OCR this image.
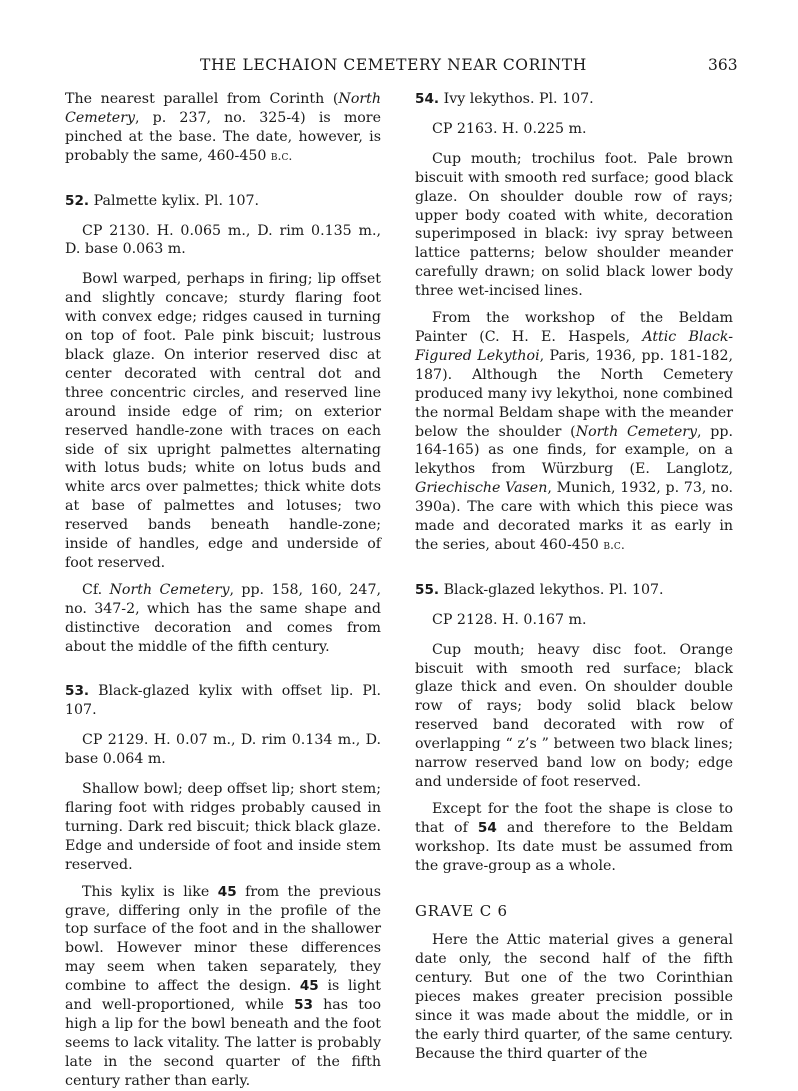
THE LECHAION CEMETERY NEAR CORINTH	363

The nearest parallel from Corinth (North Cemetery, p. 237, no. 325-4) is more pinched at the base. The date, however, is probably the same, 460-450 b.c.

52. Palmette kylix. Pl. 107.

CP 2130. H. 0.065 m., D. rim 0.135 m., D. base 0.063 m.

Bowl warped, perhaps in firing; lip offset and slightly concave; sturdy flaring foot with convex edge; ridges caused in turning on top of foot. Pale pink biscuit; lustrous black glaze. On interior reserved disc at center decorated with central dot and three concentric circles, and reserved line around inside edge of rim; on exterior reserved handle-zone with traces on each side of six upright palmettes alternating with lotus buds; white on lotus buds and white arcs over palmettes; thick white dots at base of palmettes and lotuses; two reserved bands beneath handle-zone; inside of handles, edge and underside of foot reserved.

Cf. North Cemetery, pp. 158, 160, 247, no. 347-2, which has the same shape and distinctive decoration and comes from about the middle of the fifth century.

53. Black-glazed kylix with offset lip. Pl. 107.

CP 2129. H. 0.07 m., D. rim 0.134 m., D. base 0.064 m.

Shallow bowl; deep offset lip; short stem; flaring foot with ridges probably caused in turning. Dark red biscuit; thick black glaze. Edge and underside of foot and inside stem reserved.

This kylix is like 45 from the previous grave, differing only in the profile of the top surface of the foot and in the shallower bowl. However minor these differences may seem when taken separately, they combine to affect the design. 45 is light and well-proportioned, while 53 has too high a lip for the bowl beneath and the foot seems to lack vitality. The latter is probably late in the second quarter of the fifth century rather than early.

54. Ivy lekythos. Pl. 107.

CP 2163. H. 0.225 m.

Cup mouth; trochilus foot. Pale brown biscuit with smooth red surface; good black glaze. On shoulder double row of rays; upper body coated with white, decoration superimposed in black: ivy spray between lattice patterns; below shoulder meander carefully drawn; on solid black lower body three wet-incised lines.

From the workshop of the Beldam Painter (C. H. E. Haspels, Attic Black-Figured Lekythoi, Paris, 1936, pp. 181-182, 187). Although the North Cemetery produced many ivy lekythoi, none combined the normal Beldam shape with the meander below the shoulder (North Cemetery, pp. 164-165) as one finds, for example, on a lekythos from Würzburg (E. Langlotz, Griechische Vasen, Munich, 1932, p. 73, no. 390a). The care with which this piece was made and decorated marks it as early in the series, about 460-450 b.c.

55. Black-glazed lekythos. Pl. 107.

CP 2128. H. 0.167 m.

Cup mouth; heavy disc foot. Orange biscuit with smooth red surface; black glaze thick and even. On shoulder double row of rays; body solid black below reserved band decorated with row of overlapping “ z’s ” between two black lines; narrow reserved band low on body; edge and underside of foot reserved.

Except for the foot the shape is close to that of 54 and therefore to the Beldam workshop. Its date must be assumed from the grave-group as a whole.

GRAVE C 6

Here the Attic material gives a general date only, the second half of the fifth century. But one of the two Corinthian pieces makes greater precision possible since it was made about the middle, or in the early third quarter, of the same century. Because the third quarter of the
